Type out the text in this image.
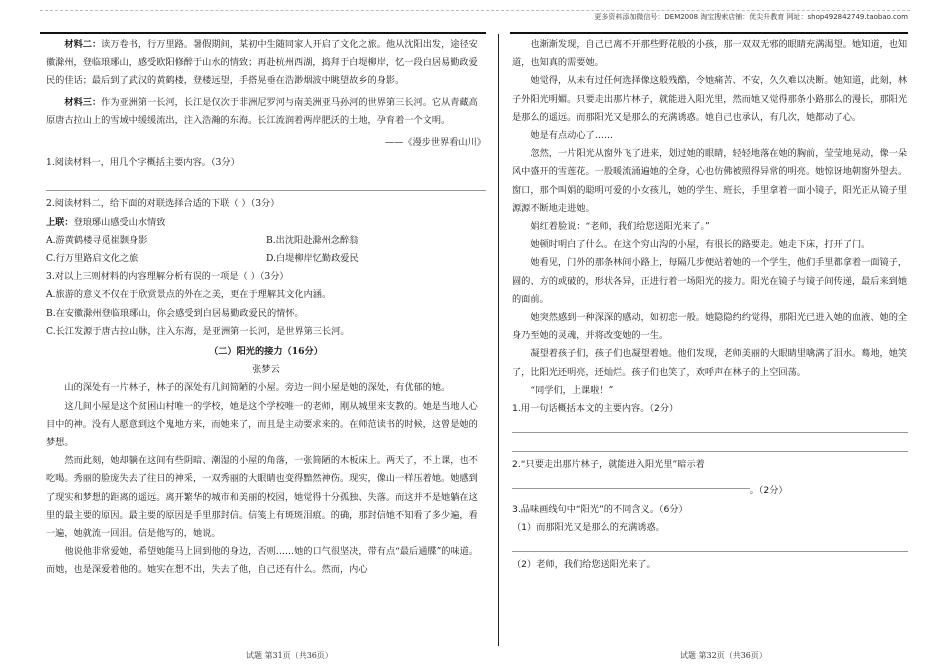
更多资料添加微信号：DEM2008 淘宝搜索店铺：优尖升教育 网址：shop492842749.taobao.com

材料二：读万卷书，行万里路。暑假期间，某初中生随同家人开启了文化之旅。他从沈阳出发，途径安徽滁州，登临琅琊山，感受欧阳修醉于山水的情致；再赴杭州西湖，捣拜于白堤柳岸，忆一段白居易勤政爱民的佳话；最后到了武汉的黄鹤楼，登楼远望，手搭晃垂在浩渺烟波中眺望故乡的身影。

材料三：作为亚洲第一长河，长江是仅次于非洲尼罗河与南美洲亚马孙河的世界第三长河。它从青藏高原唐古拉山上的雪域中缓缓流出，注入浩瀚的东海。长江流润着两岸肥沃的土地，孕育着一个文明。

——《漫步世界看山川》

1.阅读材料一，用几个字概括主要内容。（3分）

2.阅读材料二，给下面的对联选择合适的下联（ ）（3分）

上联：登琅琊山感受山水情致

A.游黄鹤楼寻觅崔颢身影	B.出沈阳赴滁州念醉翁
C.行万里路启文化之旅	D.白堤柳岸忆勤政爱民

3.对以上三则材料的内容理解分析有误的一项是（ ）（3分）

A.旅游的意义不仅在于欣赏景点的外在之美，更在于理解其文化内涵。

B.在安徽滁州登临琅琊山，你会感受到白居易勤政爱民的情怀。

C.长江发源于唐古拉山脉，注入东海，是亚洲第一长河，是世界第三长河。

（二）阳光的接力（16分）

张梦云

山的深处有一片林子，林子的深处有几间简陋的小屋。旁边一间小屋是她的深处，有优郁的她。

这几间小屋是这个贫困山村唯一的学校，她是这个学校唯一的老师，刚从城里来支教的。她是当地人心目中的神。没有人愿意到这个鬼地方来，而她来了，而且是主动要求来的。在师范读书的时候，这曾是她的梦想。

然而此刻，她却躺在这间有些阴暗、潮湿的小屋的角落，一张简陋的木板床上。两天了，不上课，也不吃喝。秀丽的脸庞失去了往日的神采，一双秀丽的大眼睛也变得黯然神伤。现实，像山一样压着她。她感到了现实和梦想的距离的遥远。离开繁华的城市和美丽的校园，她觉得十分孤独、失落。而这并不是她躺在这里的最主要的原因。最主要的原因是手里那封信。信笺上有斑斑泪痕。的确，那封信她不知看了多少遍，看一遍，她就流一回泪。信是他写的，她说。

他说他非常爱她，希望她能马上回到他的身边，否则……她的口气很坚决，带有点“最后通牒”的味道。而她，也是深爱着他的。她实在想不出，失去了他，自己还有什么。然而，内心

试题 第31页（共36页）

也渐渐发现，自己已离不开那些野花般的小孩，那一双双无邪的眼睛充满渴望。她知道，也知道，也知真的需要她。

她觉得，从未有过任何选择像这般残酷，令她痛苦、不安，久久难以决断。她知道，此刻，林子外阳光明媚。只要走出那片林子，就能进入阳光里，然而她又觉得那条小路那么的漫长，那阳光是那么的遥远。而那阳光又是那么的充满诱惑。她自己也承认，有几次，她都动了心。

她是有点动心了……

忽然，一片阳光从窗外飞了进来，划过她的眼睛，轻轻地落在她的胸前，莹莹地晃动，像一朵风中盛开的雪莲花。一股暖流涌遍她的全身，心也仿佛被照得异常的明亮。她惊讶地朝窗外望去。窗口，那个叫娟的聪明可爱的小女孩儿，她的学生、班长，手里拿着一面小镜子，阳光正从镜子里源源不断地走进她。

娟红着脸说：“老师，我们给您送阳光来了。”

她顿时明白了什么。在这个穷山沟的小屋，有很长的路要走。她走下床，打开了门。

她看见，门外的那条林间小路上，每隔几步便站着她的一个学生，他们手里都拿着一面镜子，圆的、方的或破的，形状各异，正进行着一场阳光的接力。阳光在镜子与镜子间传递，最后来到她的面前。

她突然感到一种深深的感动，如初恋一般。她隐隐约约觉得，那阳光已进入她的血液、她的全身乃至她的灵魂，并将改变她的一生。

凝望着孩子们，孩子们也凝望着她。他们发现，老师美丽的大眼睛里噙满了泪水。蓦地，她笑了，比阳光还明亮，还灿烂。孩子们也笑了，欢呼声在林子的上空回荡。

“同学们，上课啦！”

1.用一句话概括本文的主要内容。（2分）

2.“只要走出那片林子，就能进入阳光里”暗示着

。（2分）

3.品味画线句中“阳光”的不同含义。（6分）

（1）而那阳光又是那么的充满诱惑。

（2）老师，我们给您送阳光来了。

试题 第32页（共36页）
